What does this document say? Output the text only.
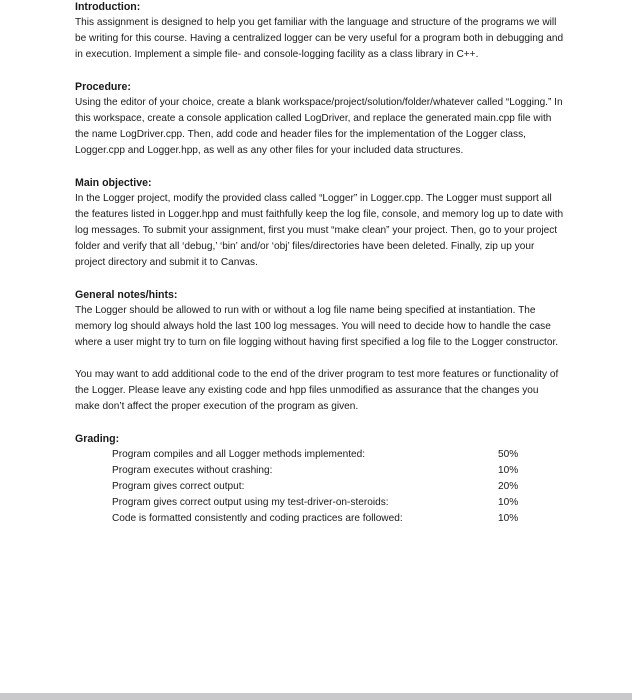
Introduction:

This assignment is designed to help you get familiar with the language and structure of the programs we will be writing for this course. Having a centralized logger can be very useful for a program both in debugging and in execution. Implement a simple file- and console-logging facility as a class library in C++.

Procedure:

Using the editor of your choice, create a blank workspace/project/solution/folder/whatever called “Logging.” In this workspace, create a console application called LogDriver, and replace the generated main.cpp file with the name LogDriver.cpp. Then, add code and header files for the implementation of the Logger class, Logger.cpp and Logger.hpp, as well as any other files for your included data structures.

Main objective:

In the Logger project, modify the provided class called “Logger” in Logger.cpp. The Logger must support all the features listed in Logger.hpp and must faithfully keep the log file, console, and memory log up to date with log messages. To submit your assignment, first you must “make clean” your project. Then, go to your project folder and verify that all ‘debug,’ ‘bin’ and/or ‘obj’ files/directories have been deleted. Finally, zip up your project directory and submit it to Canvas.

General notes/hints:

The Logger should be allowed to run with or without a log file name being specified at instantiation. The memory log should always hold the last 100 log messages. You will need to decide how to handle the case where a user might try to turn on file logging without having first specified a log file to the Logger constructor.

You may want to add additional code to the end of the driver program to test more features or functionality of the Logger. Please leave any existing code and hpp files unmodified as assurance that the changes you make don’t affect the proper execution of the program as given.

Grading:

Program compiles and all Logger methods implemented:	50%
Program executes without crashing:	10%
Program gives correct output:	20%
Program gives correct output using my test-driver-on-steroids:	10%
Code is formatted consistently and coding practices are followed:	10%
